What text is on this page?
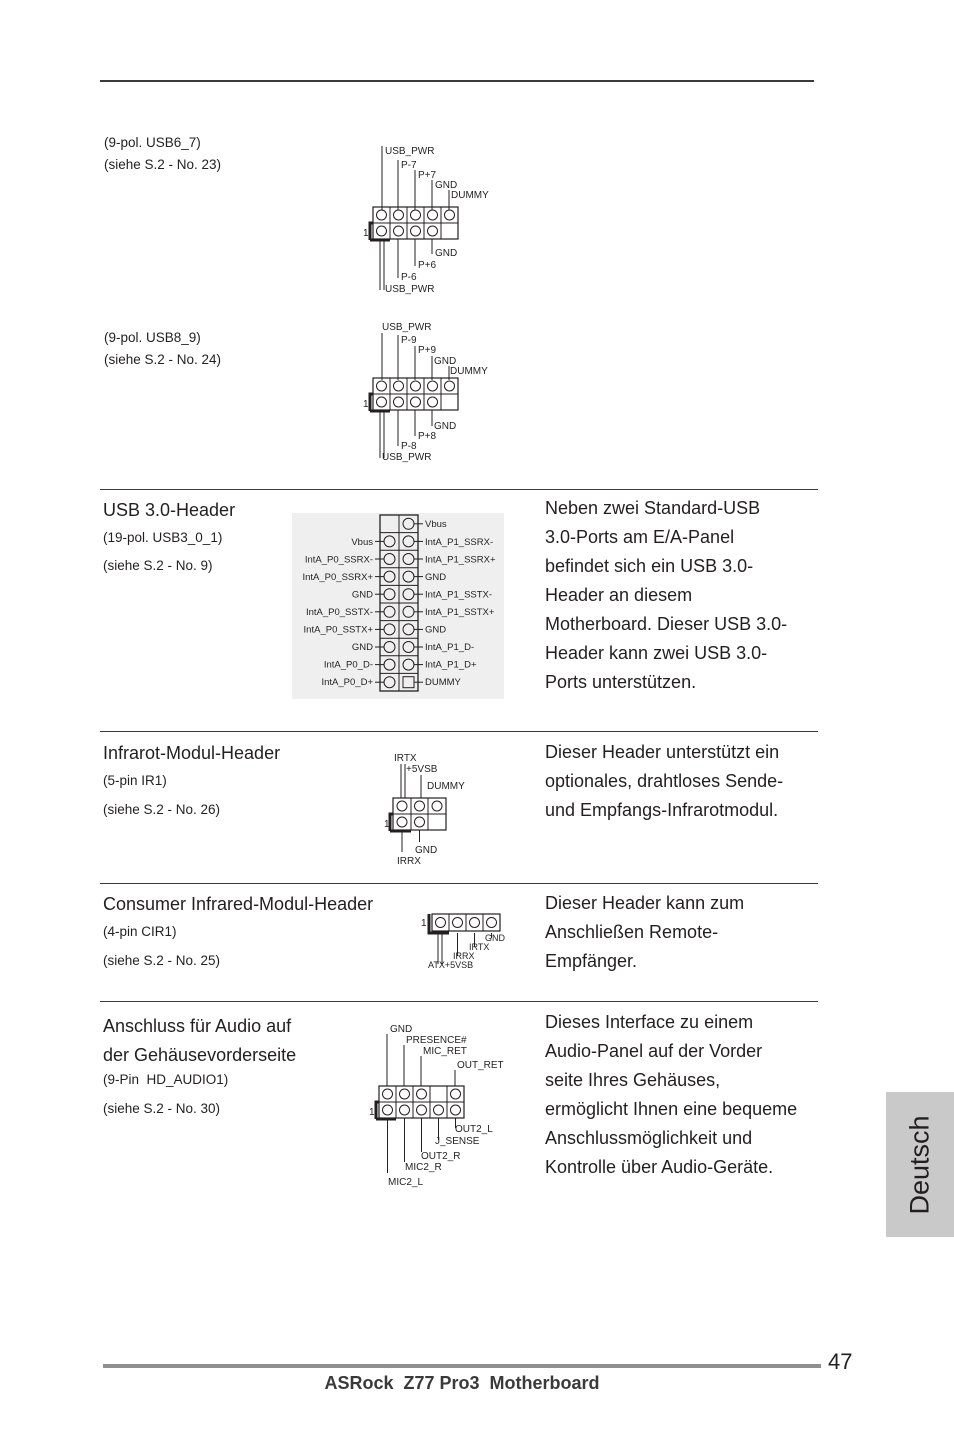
(9-pol. USB6_7)
(siehe S.2 - No. 23)
USB_PWR
P-7
P+7
GND
DUMMY
1
GND
P+6
P-6
USB_PWR
(9-pol. USB8_9)
(siehe S.2 - No. 24)
USB_PWR
P-9
P+9
GND
DUMMY
1
GND
P+8
P-8
USB_PWR
USB 3.0-Header
(19-pol. USB3_0_1)
(siehe S.2 - No. 9)
Vbus
IntA_P0_SSRX-
IntA_P0_SSRX+
GND
IntA_P0_SSTX-
IntA_P0_SSTX+
GND
IntA_P0_D-
IntA_P0_D+
Vbus
IntA_P1_SSRX-
IntA_P1_SSRX+
GND
IntA_P1_SSTX-
IntA_P1_SSTX+
GND
IntA_P1_D-
IntA_P1_D+
DUMMY
Neben zwei Standard-USB
3.0-Ports am E/A-Panel
befindet sich ein USB 3.0-
Header an diesem
Motherboard. Dieser USB 3.0-
Header kann zwei USB 3.0-
Ports unterstützen.
Infrarot-Modul-Header
(5-pin IR1)
(siehe S.2 - No. 26)
IRTX
+5VSB
DUMMY
1
GND
IRRX
Dieser Header unterstützt ein
optionales, drahtloses Sende-
und Empfangs-Infrarotmodul.
Consumer Infrared-Modul-Header
(4-pin CIR1)
(siehe S.2 - No. 25)
1
GND
IRTX
IRRX
ATX+5VSB
Dieser Header kann zum
Anschließen Remote-
Empfänger.
Anschluss für Audio auf
der Gehäusevorderseite
(9-Pin  HD_AUDIO1)
(siehe S.2 - No. 30)
GND
PRESENCE#
MIC_RET
OUT_RET
1
OUT2_L
J_SENSE
OUT2_R
MIC2_R
MIC2_L
Dieses Interface zu einem
Audio-Panel auf der Vorder
seite Ihres Gehäuses,
ermöglicht Ihnen eine bequeme
Anschlussmöglichkeit und
Kontrolle über Audio-Geräte.	Deutsch
47
ASRock  Z77 Pro3  Motherboard
